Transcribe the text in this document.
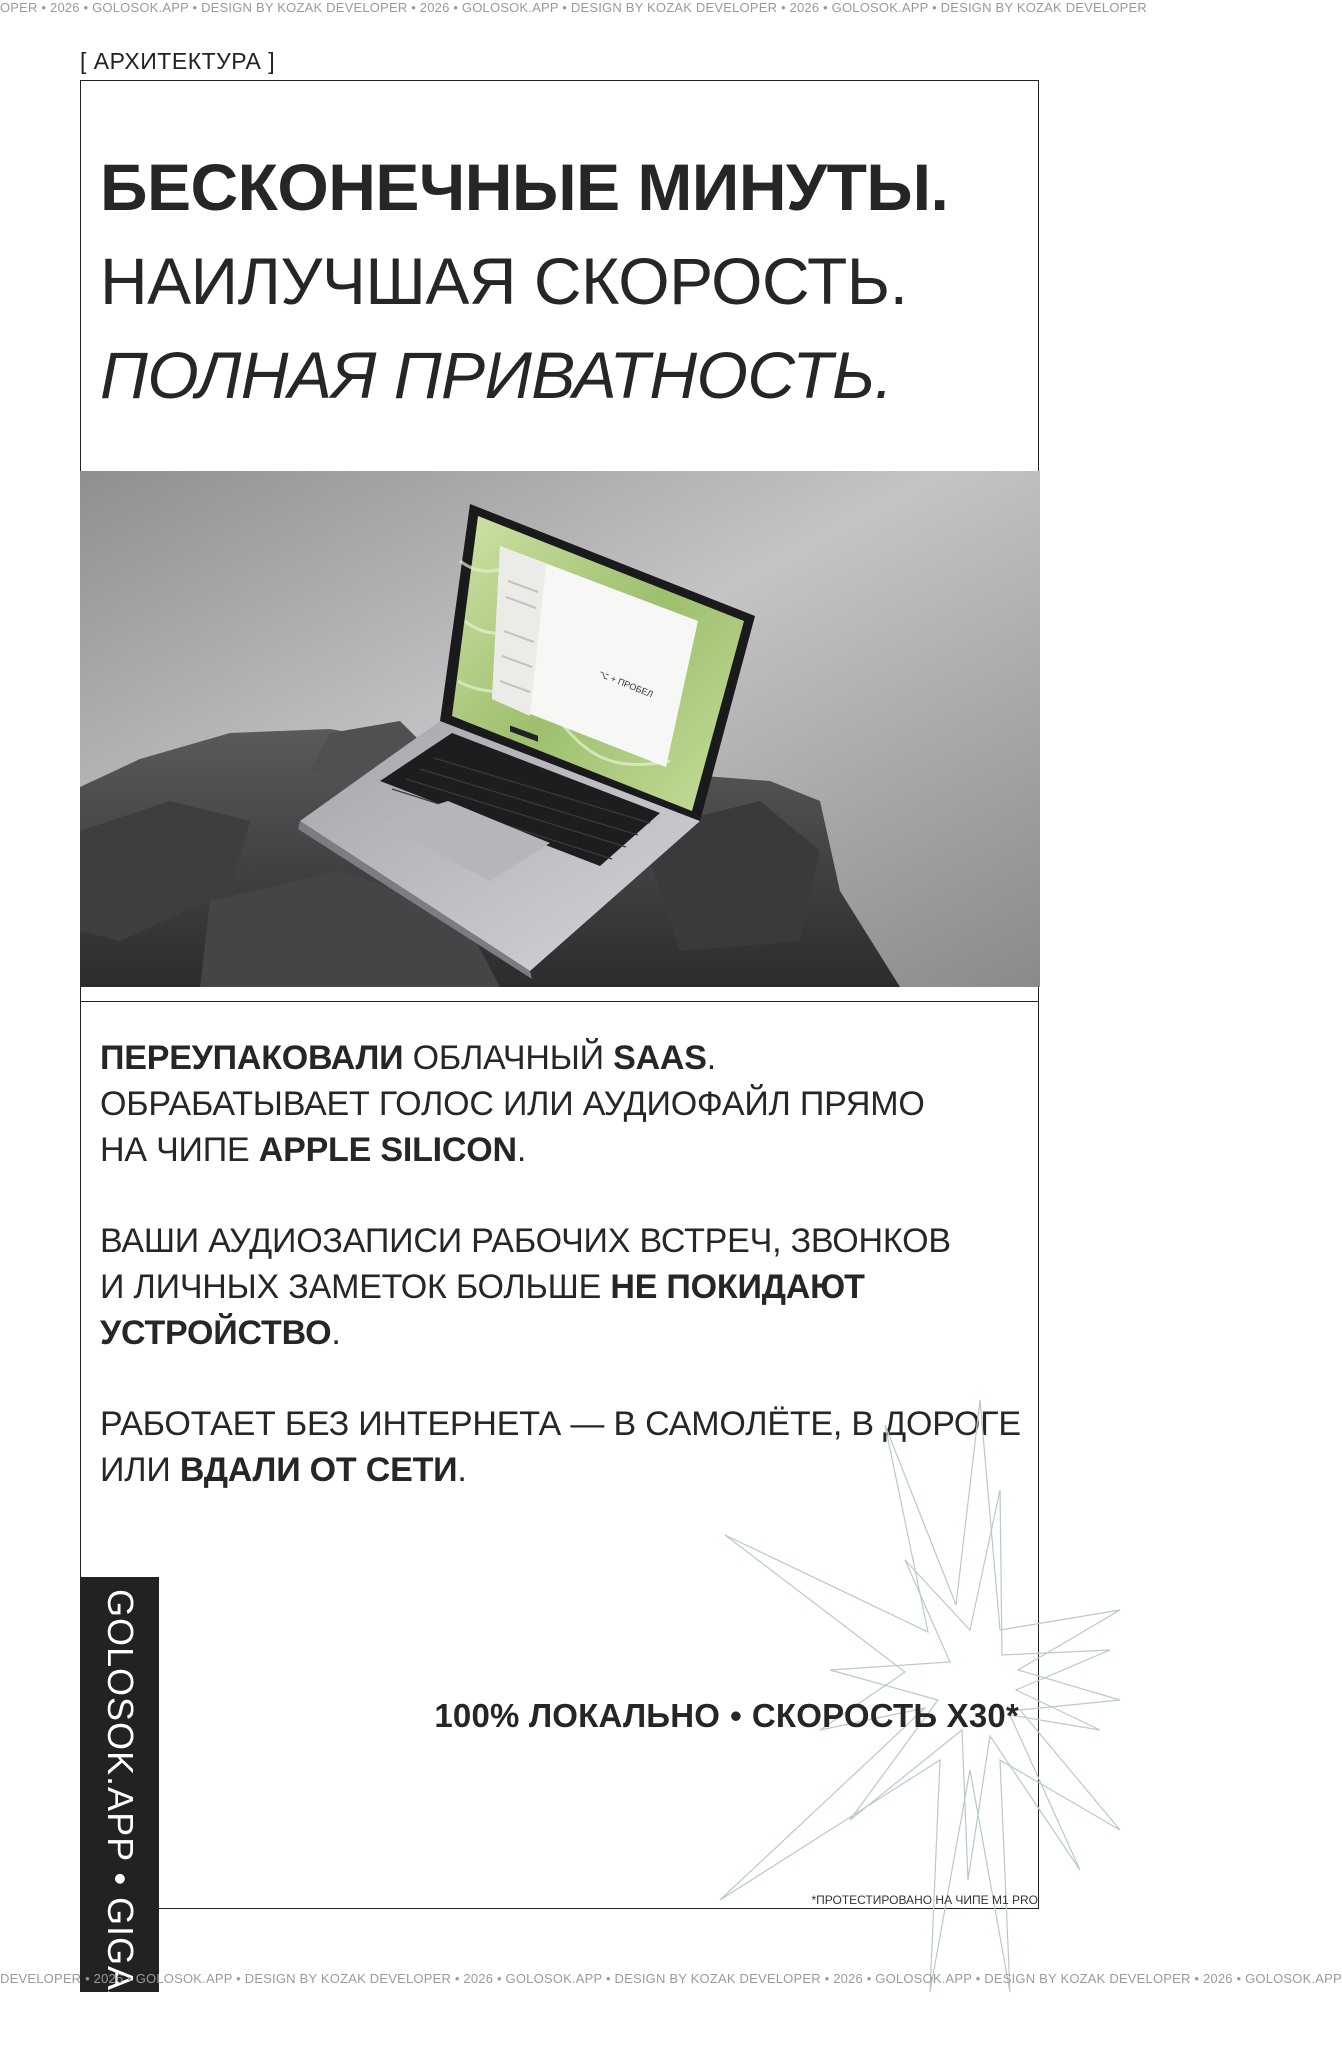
OPER • 2026 • GOLOSOK.APP • DESIGN BY KOZAK DEVELOPER • 2026 • GOLOSOK.APP • DESIGN BY KOZAK DEVELOPER • 2026 • GOLOSOK.APP • DESIGN BY KOZAK DEVELOPER
[ АРХИТЕКТУРА ]
БЕСКОНЕЧНЫЕ МИНУТЫ.
НАИЛУЧШАЯ СКОРОСТЬ.
ПОЛНАЯ ПРИВАТНОСТЬ.
⌥ + ПРОБЕЛ

ПЕРЕУПАКОВАЛИ ОБЛАЧНЫЙ SAAS.
ОБРАБАТЫВАЕТ ГОЛОС ИЛИ АУДИОФАЙЛ ПРЯМО
НА ЧИПЕ APPLE SILICON.

ВАШИ АУДИОЗАПИСИ РАБОЧИХ ВСТРЕЧ, ЗВОНКОВ
И ЛИЧНЫХ ЗАМЕТОК БОЛЬШЕ НЕ ПОКИДАЮТ
УСТРОЙСТВО.

РАБОТАЕТ БЕЗ ИНТЕРНЕТА — В САМОЛЁТЕ, В ДОРОГЕ
ИЛИ ВДАЛИ ОТ СЕТИ.

100% ЛОКАЛЬНО • СКОРОСТЬ Х30*
*ПРОТЕСТИРОВАНО НА ЧИПЕ M1 PRO
GOLOSOK.APP • GIGAAM
DEVELOPER • 2026 • GOLOSOK.APP • DESIGN BY KOZAK DEVELOPER • 2026 • GOLOSOK.APP • DESIGN BY KOZAK DEVELOPER • 2026 • GOLOSOK.APP • DESIGN BY KOZAK DEVELOPER • 2026 • GOLOSOK.APP
